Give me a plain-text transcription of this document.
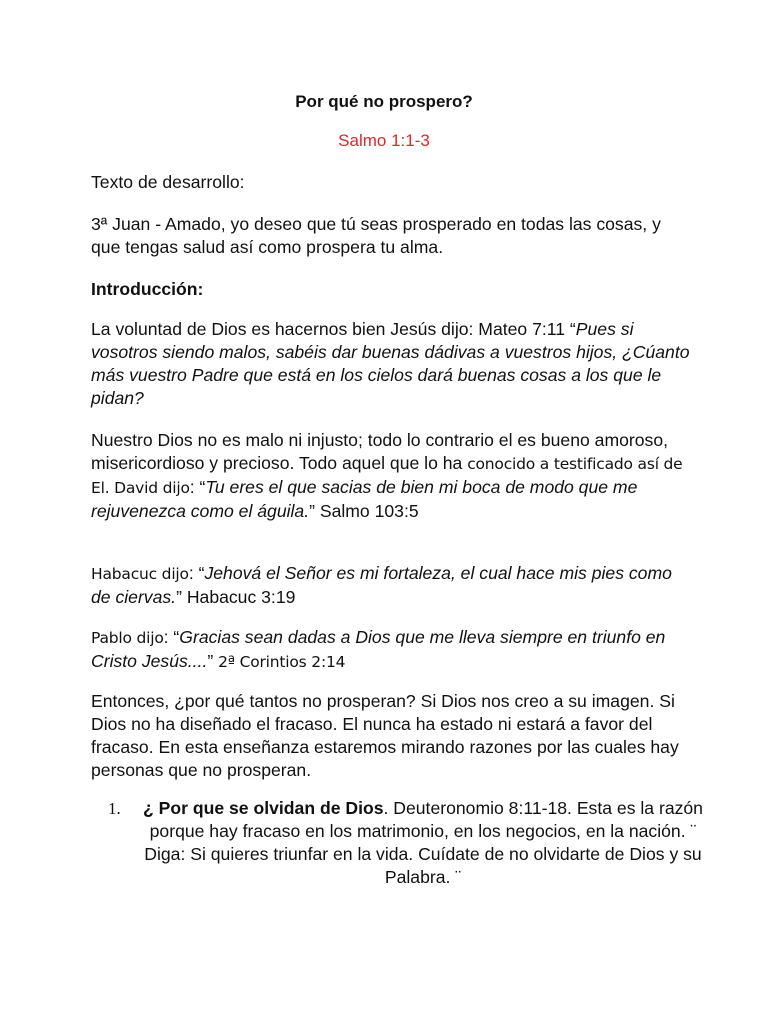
Por qué no prospero?
Salmo 1:1-3

Texto de desarrollo:

3ª Juan - Amado, yo deseo que tú seas prosperado en todas las cosas, y que tengas salud así como prospera tu alma.

Introducción:

La voluntad de Dios es hacernos bien Jesús dijo: Mateo 7:11 “Pues si vosotros siendo malos, sabéis dar buenas dádivas a vuestros hijos, ¿Cúanto más vuestro Padre que está en los cielos dará buenas cosas a los que le pidan?

Nuestro Dios no es malo ni injusto; todo lo contrario el es bueno amoroso, misericordioso y precioso. Todo aquel que lo ha conocido a testificado así de El. David dijo: “Tu eres el que sacias de bien mi boca de modo que me rejuvenezca como el águila.” Salmo 103:5

Habacuc dijo: “Jehová el Señor es mi fortaleza, el cual hace mis pies como de ciervas.” Habacuc 3:19

Pablo dijo: “Gracias sean dadas a Dios que me lleva siempre en triunfo en Cristo Jesús....” 2ª Corintios 2:14

Entonces, ¿por qué tantos no prosperan? Si Dios nos creo a su imagen. Si Dios no ha diseñado el fracaso. El nunca ha estado ni estará a favor del fracaso. En esta enseñanza estaremos mirando razones por las cuales hay personas que no prosperan.

1. ¿ Por que se olvidan de Dios. Deuteronomio 8:11-18. Esta es la razón porque hay fracaso en los matrimonio, en los negocios, en la nación. ¨ Diga: Si quieres triunfar en la vida. Cuídate de no olvidarte de Dios y su Palabra. ¨
